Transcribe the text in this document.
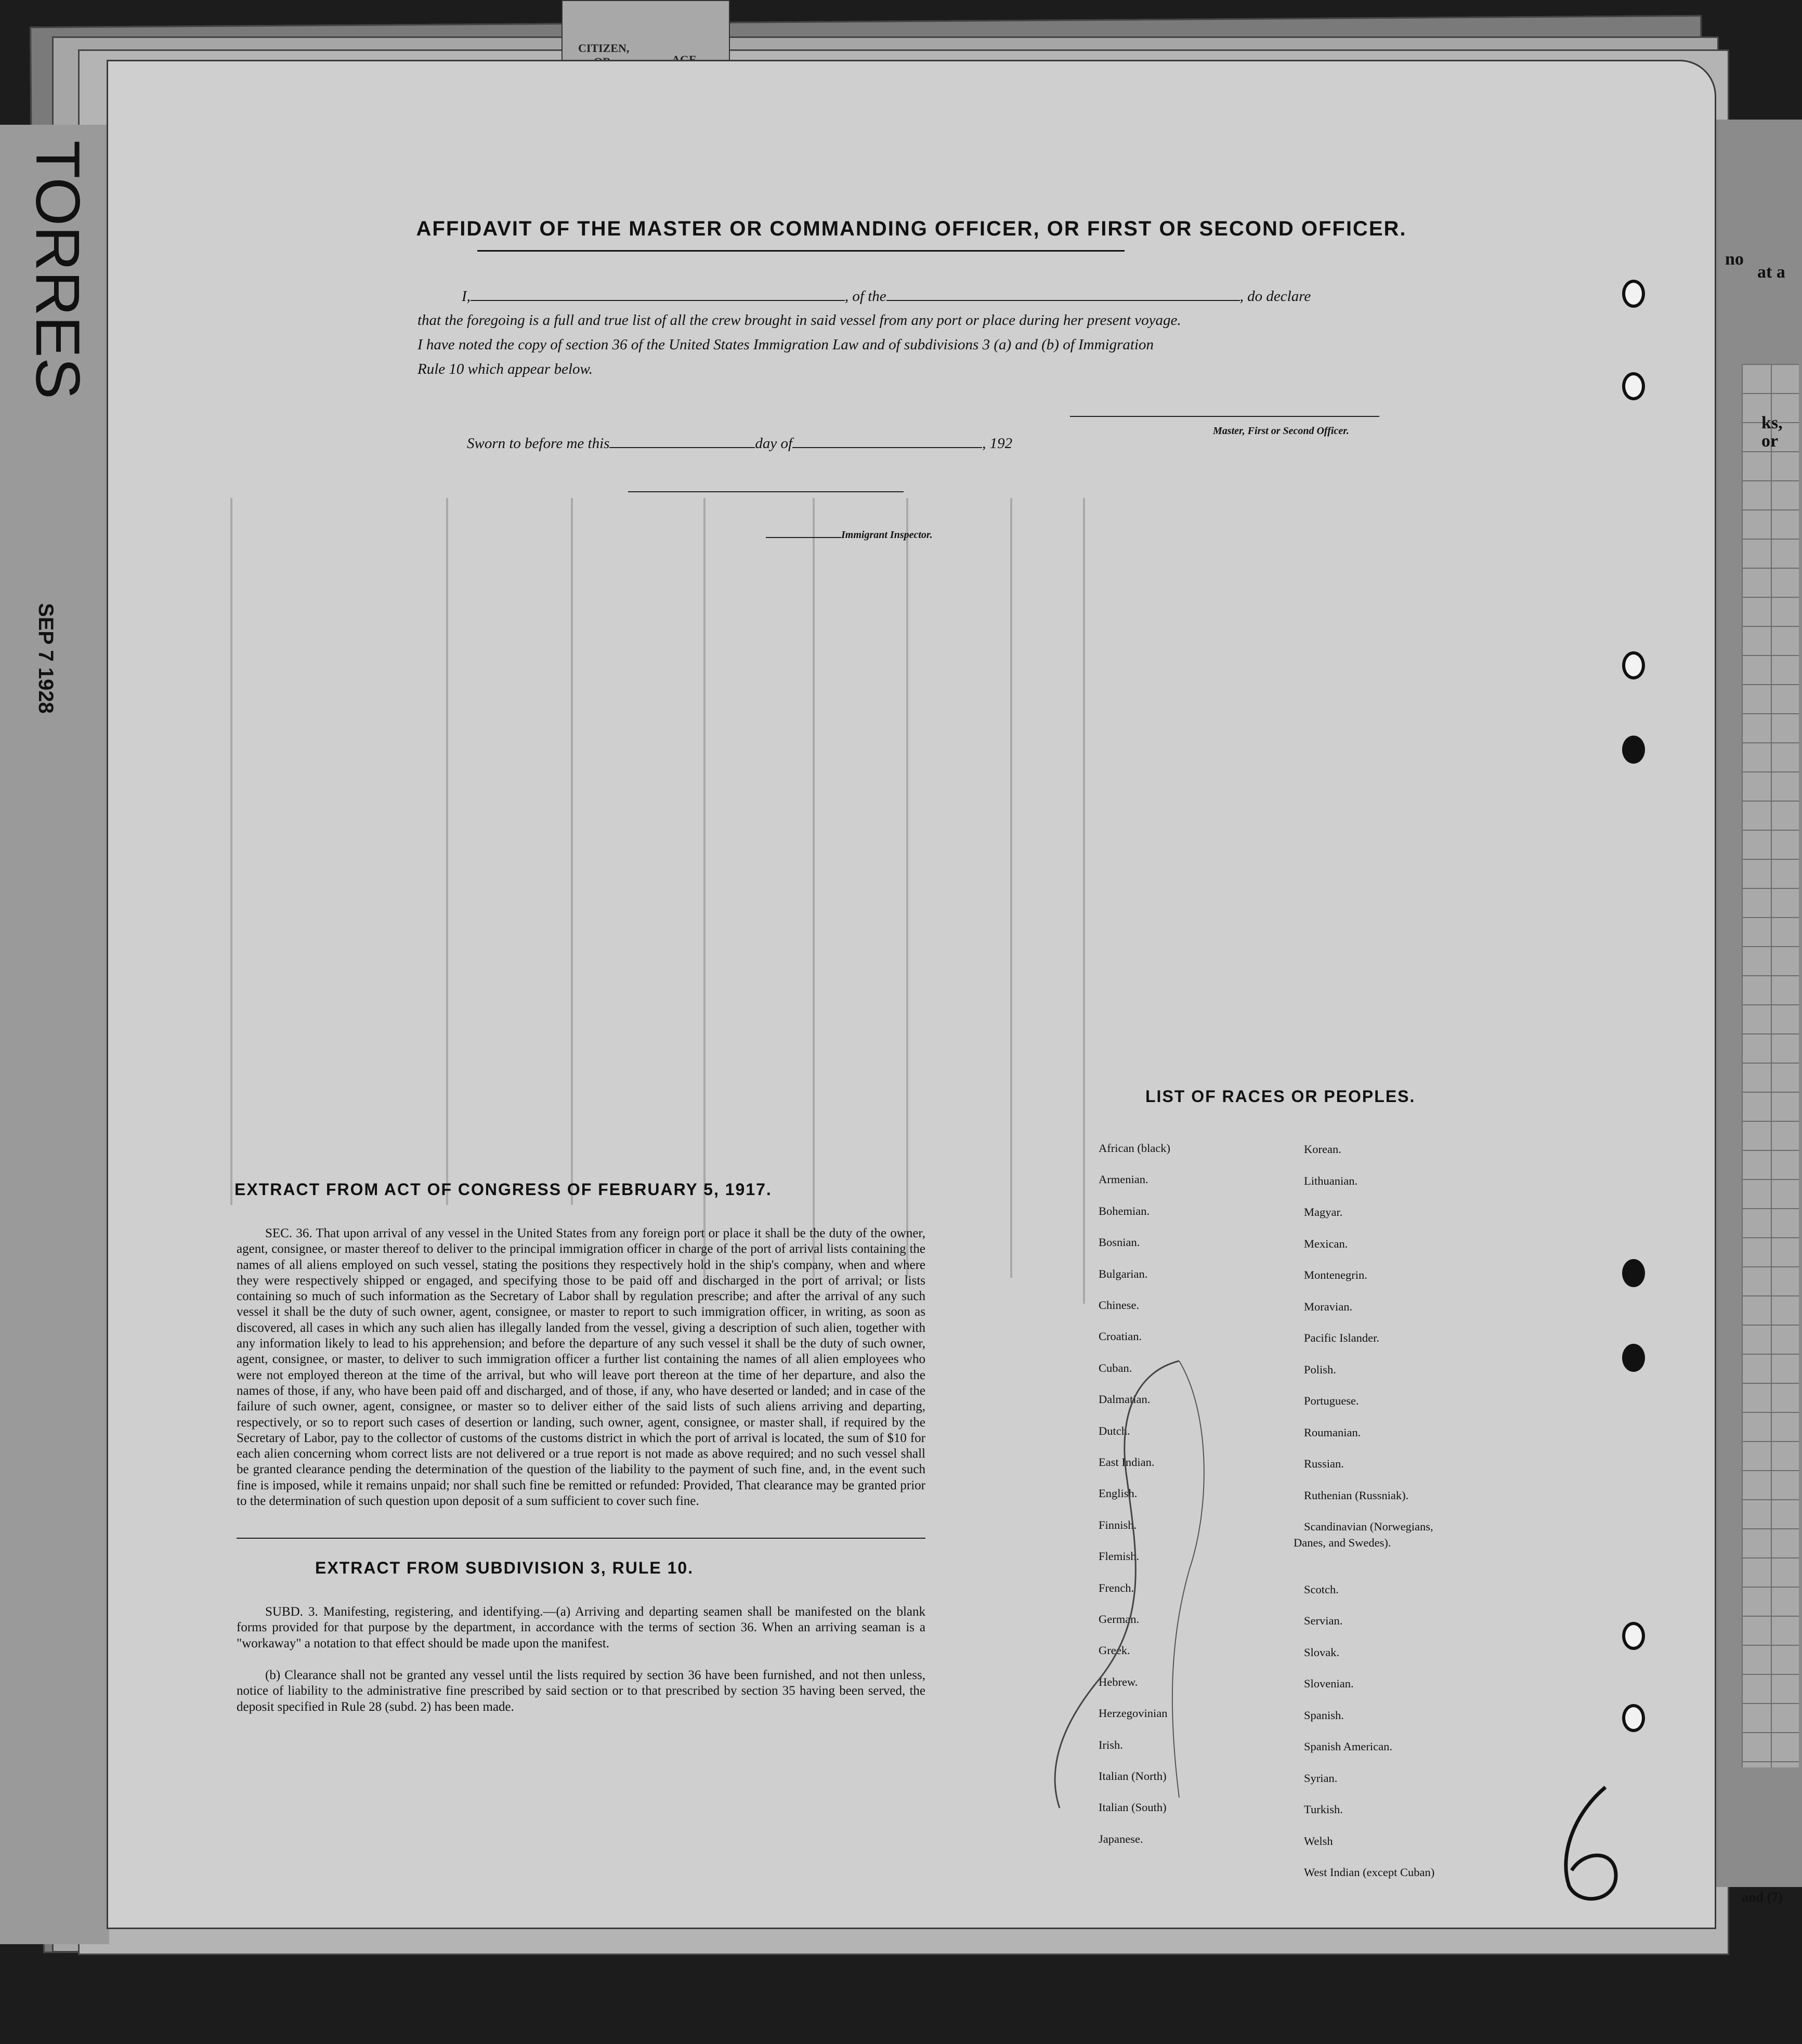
CITIZEN,
TORRES
SEP 7 1928
no
at a
ks,
or
and (7)
AFFIDAVIT OF THE MASTER OR COMMANDING OFFICER, OR FIRST OR SECOND OFFICER.
I,	, of the	, do declare
that the foregoing is a full and true list of all the crew brought in said vessel from any port or place during her present voyage.
I have noted the copy of section 36 of the United States Immigration Law and of subdivisions 3 (a) and (b) of Immigration
Rule 10 which appear below.
Master, First or Second Officer.
Sworn to before me this	day of	, 192
Immigrant Inspector.
EXTRACT FROM ACT OF CONGRESS OF FEBRUARY 5, 1917.
SEC. 36. That upon arrival of any vessel in the United States from any foreign port or place it shall be the duty of the owner, agent, consignee, or master thereof to deliver to the principal immigration officer in charge of the port of arrival lists containing the names of all aliens employed on such vessel, stating the positions they respectively hold in the ship's company, when and where they were respectively shipped or engaged, and specifying those to be paid off and discharged in the port of arrival; or lists containing so much of such information as the Secretary of Labor shall by regulation prescribe; and after the arrival of any such vessel it shall be the duty of such owner, agent, consignee, or master to report to such immigration officer, in writing, as soon as discovered, all cases in which any such alien has illegally landed from the vessel, giving a description of such alien, together with any information likely to lead to his apprehension; and before the departure of any such vessel it shall be the duty of such owner, agent, consignee, or master, to deliver to such immigration officer a further list containing the names of all alien employees who were not employed thereon at the time of the arrival, but who will leave port thereon at the time of her departure, and also the names of those, if any, who have been paid off and discharged, and of those, if any, who have deserted or landed; and in case of the failure of such owner, agent, consignee, or master so to deliver either of the said lists of such aliens arriving and departing, respectively, or so to report such cases of desertion or landing, such owner, agent, consignee, or master shall, if required by the Secretary of Labor, pay to the collector of customs of the customs district in which the port of arrival is located, the sum of $10 for each alien concerning whom correct lists are not delivered or a true report is not made as above required; and no such vessel shall be granted clearance pending the determination of the question of the liability to the payment of such fine, and, in the event such fine is imposed, while it remains unpaid; nor shall such fine be remitted or refunded: Provided, That clearance may be granted prior to the determination of such question upon deposit of a sum sufficient to cover such fine.
EXTRACT FROM SUBDIVISION 3, RULE 10.
SUBD. 3. Manifesting, registering, and identifying.—(a) Arriving and departing seamen shall be manifested on the blank forms provided for that purpose by the department, in accordance with the terms of section 36. When an arriving seaman is a "workaway" a notation to that effect should be made upon the manifest.
(b) Clearance shall not be granted any vessel until the lists required by section 36 have been furnished, and not then unless, notice of liability to the administrative fine prescribed by said section or to that prescribed by section 35 having been served, the deposit specified in Rule 28 (subd. 2) has been made.
LIST OF RACES OR PEOPLES.
African (black)
Armenian.
Bohemian.
Bosnian.
Bulgarian.
Chinese.
Croatian.
Cuban.
Dalmatian.
Dutch.
East Indian.
English.
Finnish.
Flemish.
French.
German.
Greek.
Hebrew.
Herzegovinian
Irish.
Italian (North)
Italian (South)
Japanese.
Korean.
Lithuanian.
Magyar.
Mexican.
Montenegrin.
Moravian.
Pacific Islander.
Polish.
Portuguese.
Roumanian.
Russian.
Ruthenian (Russniak).
Scandinavian (Norwegians,
Danes, and Swedes).
Scotch.
Servian.
Slovak.
Slovenian.
Spanish.
Spanish American.
Syrian.
Turkish.
Welsh
West Indian (except Cuban)
